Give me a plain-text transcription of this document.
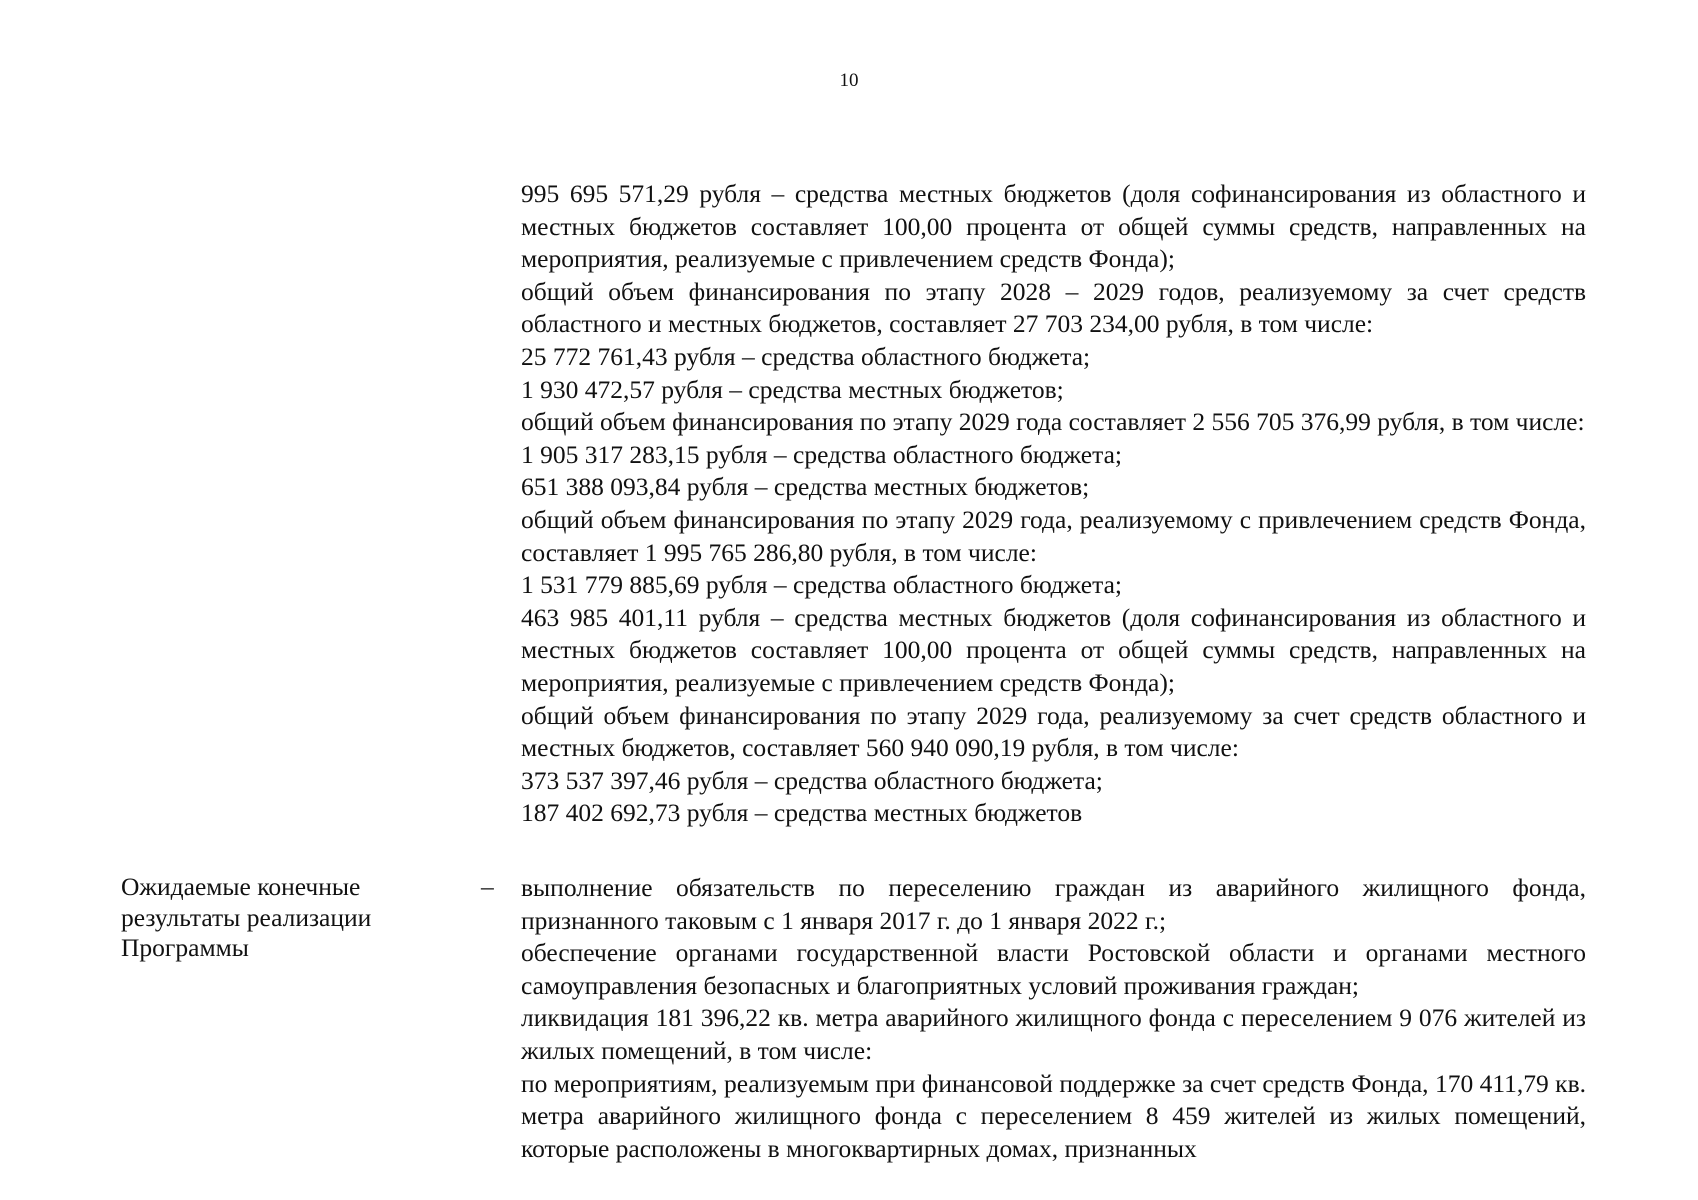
10

995 695 571,29 рубля – средства местных бюджетов (доля софинансирования из областного и местных бюджетов составляет 100,00 процента от общей суммы средств, направленных на мероприятия, реализуемые с привлечением средств Фонда);

общий объем финансирования по этапу 2028 – 2029 годов, реализуемому за счет средств областного и местных бюджетов, составляет 27 703 234,00 рубля, в том числе:

25 772 761,43 рубля – средства областного бюджета;

1 930 472,57 рубля – средства местных бюджетов;

общий объем финансирования по этапу 2029 года составляет 2 556 705 376,99 рубля, в том числе:

1 905 317 283,15 рубля – средства областного бюджета;

651 388 093,84 рубля – средства местных бюджетов;

общий объем финансирования по этапу 2029 года, реализуемому с привлечением средств Фонда, составляет 1 995 765 286,80 рубля, в том числе:

1 531 779 885,69 рубля – средства областного бюджета;

463 985 401,11 рубля – средства местных бюджетов (доля софинансирования из областного и местных бюджетов составляет 100,00 процента от общей суммы средств, направленных на мероприятия, реализуемые с привлечением средств Фонда);

общий объем финансирования по этапу 2029 года, реализуемому за счет средств областного и местных бюджетов, составляет 560 940 090,19 рубля, в том числе:

373 537 397,46 рубля – средства областного бюджета;

187 402 692,73 рубля – средства местных бюджетов

Ожидаемые конечные
результаты реализации
Программы
– выполнение обязательств по переселению граждан из аварийного жилищного фонда, признанного таковым с 1 января 2017 г. до 1 января 2022 г.;

обеспечение органами государственной власти Ростовской области и органами местного самоуправления безопасных и благоприятных условий проживания граждан;

ликвидация 181 396,22 кв. метра аварийного жилищного фонда с переселением 9 076 жителей из жилых помещений, в том числе:

по мероприятиям, реализуемым при финансовой поддержке за счет средств Фонда, 170 411,79 кв. метра аварийного жилищного фонда с переселением 8 459 жителей из жилых помещений, которые расположены в многоквартирных домах, признанных
